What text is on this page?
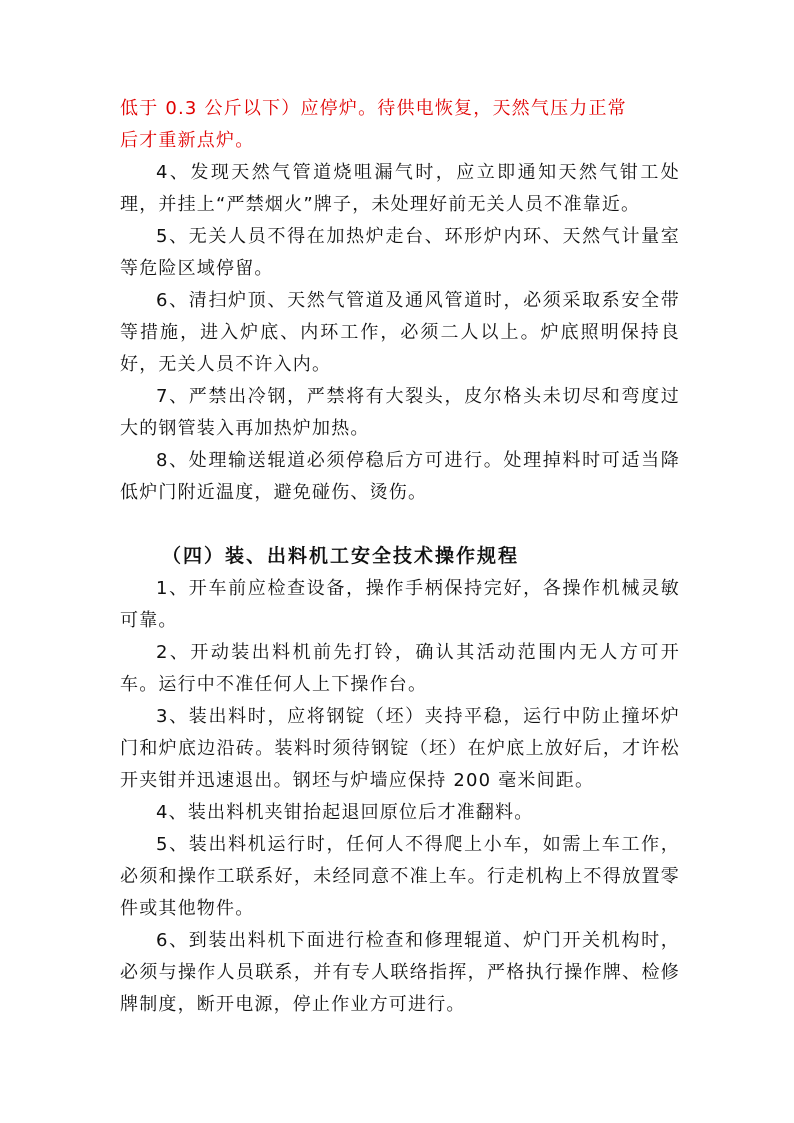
低于 0.3 公斤以下）应停炉。待供电恢复，天然气压力正常

后才重新点炉。

4、发现天然气管道烧咀漏气时，应立即通知天然气钳工处理，并挂上“严禁烟火”牌子，未处理好前无关人员不准靠近。

5、无关人员不得在加热炉走台、环形炉内环、天然气计量室等危险区域停留。

6、清扫炉顶、天然气管道及通风管道时，必须采取系安全带等措施，进入炉底、内环工作，必须二人以上。炉底照明保持良好，无关人员不许入内。

7、严禁出冷钢，严禁将有大裂头，皮尔格头未切尽和弯度过大的钢管装入再加热炉加热。

8、处理输送辊道必须停稳后方可进行。处理掉料时可适当降低炉门附近温度，避免碰伤、烫伤。

（四）装、出料机工安全技术操作规程

1、开车前应检查设备，操作手柄保持完好，各操作机械灵敏可靠。

2、开动装出料机前先打铃，确认其活动范围内无人方可开车。运行中不准任何人上下操作台。

3、装出料时，应将钢锭（坯）夹持平稳，运行中防止撞坏炉门和炉底边沿砖。装料时须待钢锭（坯）在炉底上放好后，才许松开夹钳并迅速退出。钢坯与炉墙应保持 200 毫米间距。

4、装出料机夹钳抬起退回原位后才准翻料。

5、装出料机运行时，任何人不得爬上小车，如需上车工作，必须和操作工联系好，未经同意不准上车。行走机构上不得放置零件或其他物件。

6、到装出料机下面进行检查和修理辊道、炉门开关机构时，必须与操作人员联系，并有专人联络指挥，严格执行操作牌、检修牌制度，断开电源，停止作业方可进行。
